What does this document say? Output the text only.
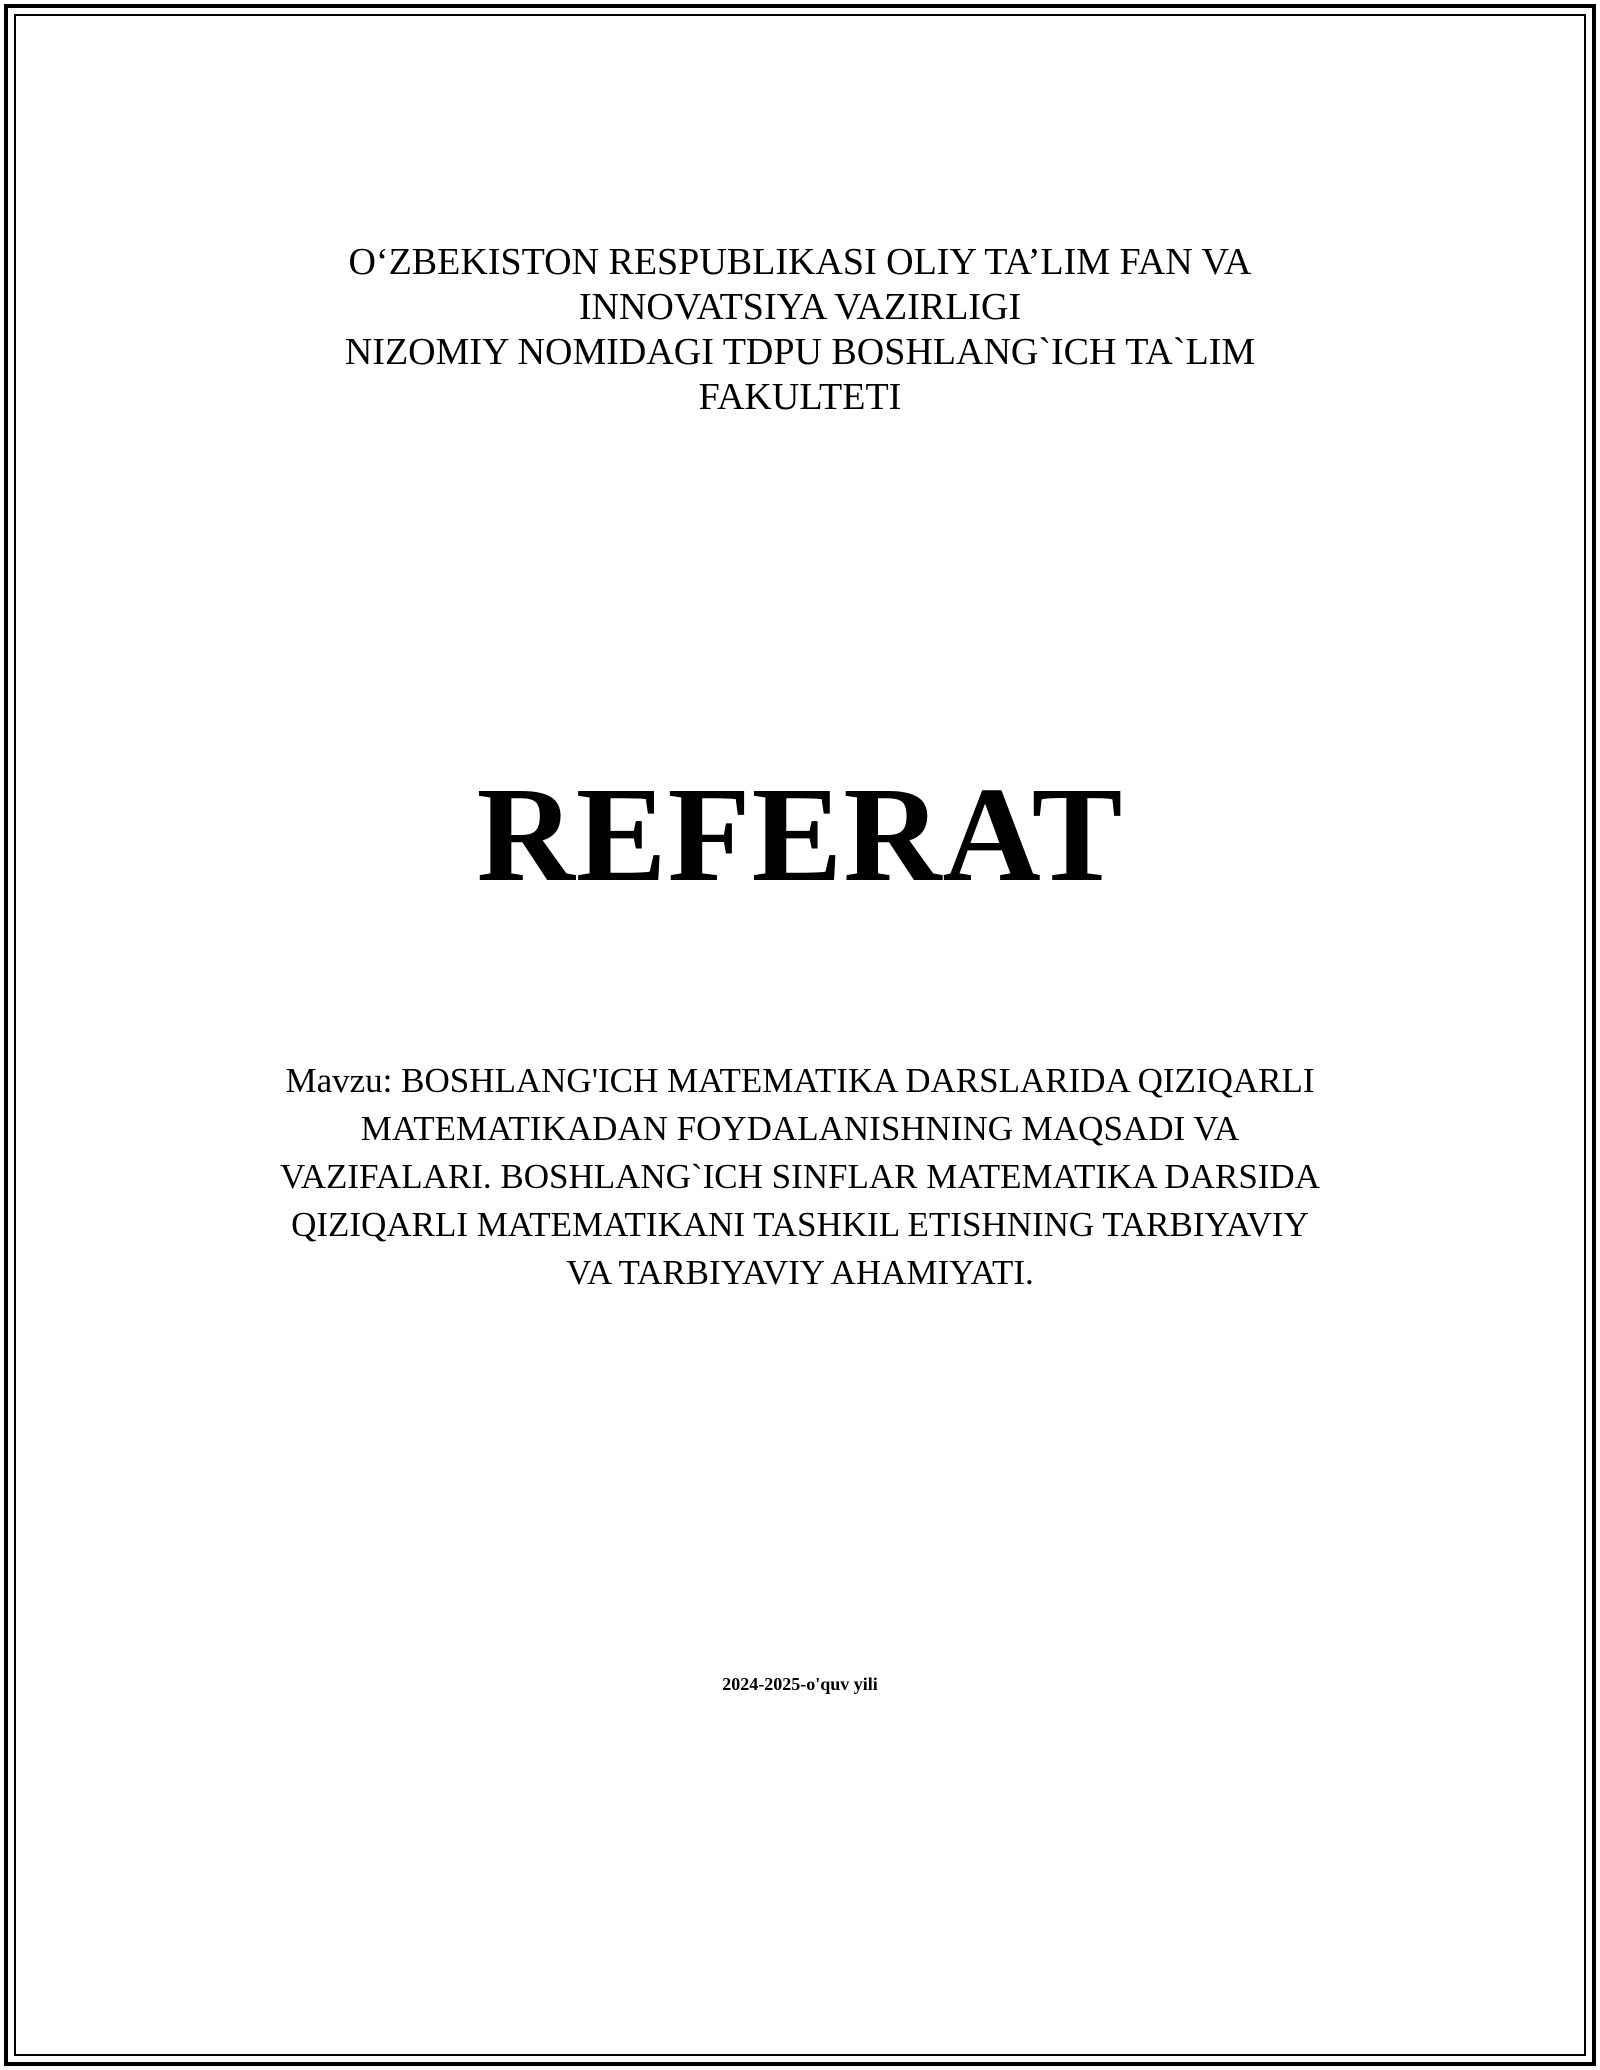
O‘ZBEKISTON RESPUBLIKASI OLIY TA’LIM FAN VA
INNOVATSIYA VAZIRLIGI
NIZOMIY NOMIDAGI TDPU BOSHLANG`ICH TA`LIM
FAKULTETI
REFERAT
Mavzu: BOSHLANG'ICH MATEMATIKA DARSLARIDA QIZIQARLI
MATEMATIKADAN FOYDALANISHNING MAQSADI VA
VAZIFALARI. BOSHLANG`ICH SINFLAR MATEMATIKA DARSIDA
QIZIQARLI MATEMATIKANI TASHKIL ETISHNING TARBIYAVIY
VA TARBIYAVIY AHAMIYATI.
2024-2025-o'quv yili
